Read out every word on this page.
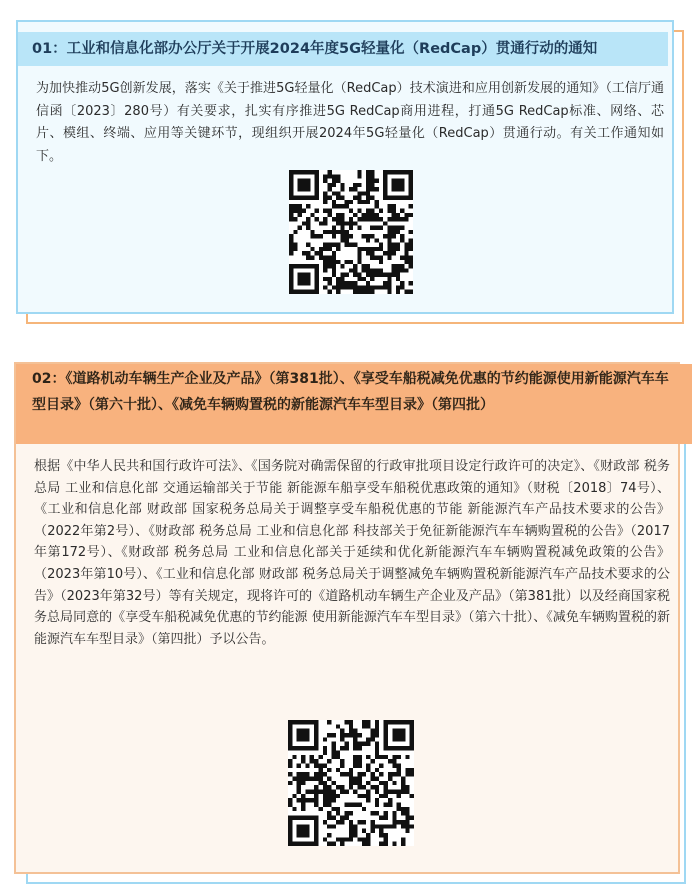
01：工业和信息化部办公厅关于开展2024年度5G轻量化（RedCap）贯通行动的通知
为加快推动5G创新发展，落实《关于推进5G轻量化（RedCap）技术演进和应用创新发展的通知》（工信厅通信函〔2023〕280号）有关要求，扎实有序推进5G RedCap商用进程，打通5G RedCap标准、网络、芯片、模组、终端、应用等关键环节，现组织开展2024年5G轻量化（RedCap）贯通行动。有关工作通知如下。
02：《道路机动车辆生产企业及产品》（第381批）、《享受车船税减免优惠的节约能源使用新能源汽车车型目录》（第六十批）、《减免车辆购置税的新能源汽车车型目录》（第四批）
根据《中华人民共和国行政许可法》、《国务院对确需保留的行政审批项目设定行政许可的决定》、《财政部 税务总局 工业和信息化部 交通运输部关于节能 新能源车船享受车船税优惠政策的通知》（财税〔2018〕74号）、《工业和信息化部 财政部 国家税务总局关于调整享受车船税优惠的节能 新能源汽车产品技术要求的公告》（2022年第2号）、《财政部 税务总局 工业和信息化部 科技部关于免征新能源汽车车辆购置税的公告》（2017年第172号）、《财政部 税务总局 工业和信息化部关于延续和优化新能源汽车车辆购置税减免政策的公告》（2023年第10号）、《工业和信息化部 财政部 税务总局关于调整减免车辆购置税新能源汽车产品技术要求的公告》（2023年第32号）等有关规定，现将许可的《道路机动车辆生产企业及产品》（第381批）以及经商国家税务总局同意的《享受车船税减免优惠的节约能源 使用新能源汽车车型目录》（第六十批）、《减免车辆购置税的新能源汽车车型目录》（第四批）予以公告。
